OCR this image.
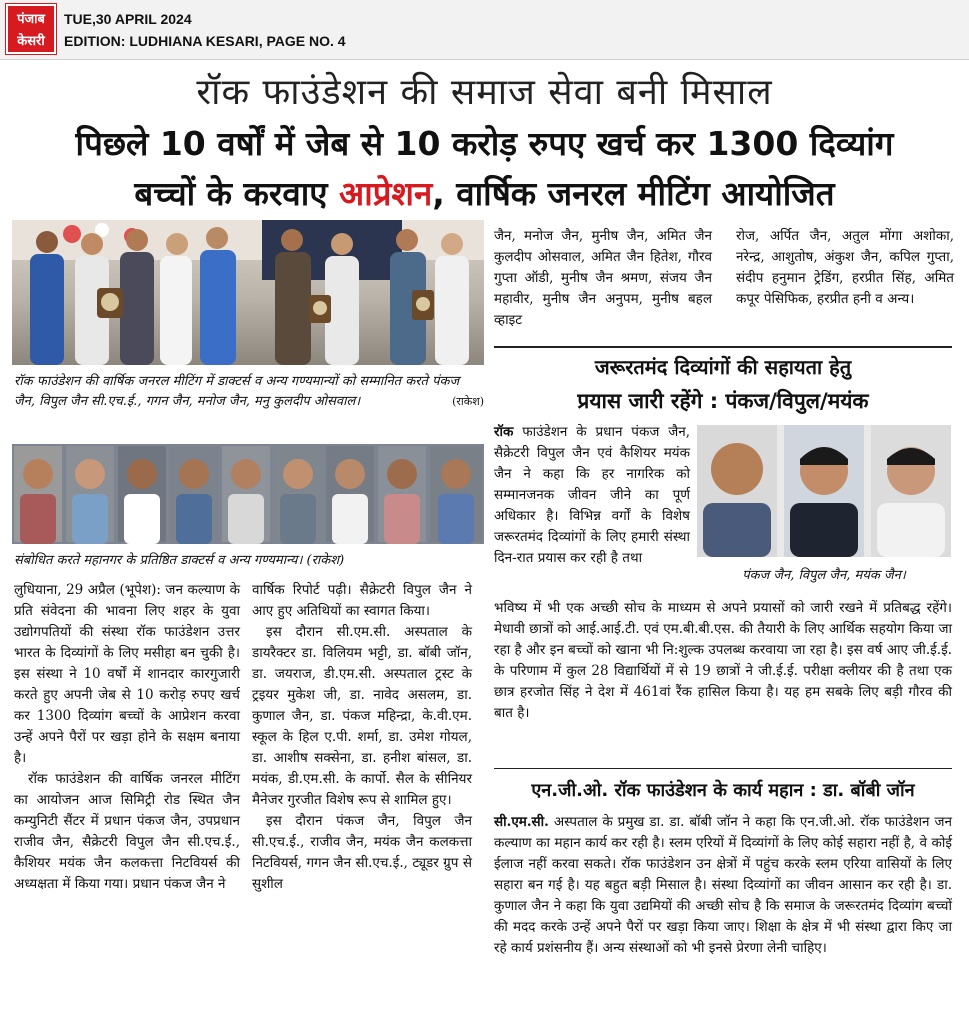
पंजाब
केसरी
TUE,30 APRIL 2024
EDITION: LUDHIANA KESARI, PAGE NO. 4
रॉक फाउंडेशन की समाज सेवा बनी मिसाल
पिछले 10 वर्षों में जेब से 10 करोड़ रुपए खर्च कर 1300 दिव्यांग
बच्चों के करवाए आप्रेशन, वार्षिक जनरल मीटिंग आयोजित
रॉक फाउंडेशन की वार्षिक जनरल मीटिंग में डाक्टर्स व अन्य गण्यमान्यों को सम्मानित करते पंकज जैन, विपुल जैन सी.एच.ई., गगन जैन, मनोज जैन, मनु कुलदीप ओसवाल।	(राकेश)
संबोधित करते महानगर के प्रतिष्ठित डाक्टर्स व अन्य गण्यमान्य। (राकेश)

लुधियाना, 29 अप्रैल (भूपेश): जन कल्याण के प्रति संवेदना की भावना लिए शहर के युवा उद्योगपतियों की संस्था रॉक फाउंडेशन उत्तर भारत के दिव्यांगों के लिए मसीहा बन चुकी है। इस संस्था ने 10 वर्षों में शानदार कारगुजारी करते हुए अपनी जेब से 10 करोड़ रुपए खर्च कर 1300 दिव्यांग बच्चों के आप्रेशन करवा उन्हें अपने पैरों पर खड़ा होने के सक्षम बनाया है।

रॉक फाउंडेशन की वार्षिक जनरल मीटिंग का आयोजन आज सिमिट्री रोड स्थित जैन कम्युनिटी सैंटर में प्रधान पंकज जैन, उपप्रधान राजीव जैन, सैक्रेटरी विपुल जैन सी.एच.ई., कैशियर मयंक जैन कलकत्ता निटवियर्स की अध्यक्षता में किया गया। प्रधान पंकज जैन ने

वार्षिक रिपोर्ट पढ़ी। सैक्रेटरी विपुल जैन ने आए हुए अतिथियों का स्वागत किया।

इस दौरान सी.एम.सी. अस्पताल के डायरैक्टर डा. विलियम भट्टी, डा. बॉबी जॉन, डा. जयराज, डी.एम.सी. अस्पताल ट्रस्ट के ट्रइयर मुकेश जी, डा. नावेद असलम, डा. कुणाल जैन, डा. पंकज महिन्द्रा, के.वी.एम. स्कूल के हिल ए.पी. शर्मा, डा. उमेश गोयल, डा. आशीष सक्सेना, डा. हनीश बांसल, डा. मयंक, डी.एम.सी. के कार्पो. सैल के सीनियर मैनेजर गुरजीत विशेष रूप से शामिल हुए।

इस दौरान पंकज जैन, विपुल जैन सी.एच.ई., राजीव जैन, मयंक जैन कलकत्ता निटवियर्स, गगन जैन सी.एच.ई., ट्यूडर ग्रुप से सुशील

जैन, मनोज जैन, मुनीष जैन, अमित जैन कुलदीप ओसवाल, अमित जैन हितेश, गौरव गुप्ता ऑडी, मुनीष जैन श्रमण, संजय जैन महावीर, मुनीष जैन अनुपम, मुनीष बहल व्हाइट
रोज, अर्पित जैन, अतुल मोंगा अशोका, नरेन्द्र, आशुतोष, अंकुश जैन, कपिल गुप्ता, संदीप हनुमान ट्रेडिंग, हरप्रीत सिंह, अमित कपूर पेसिफिक, हरप्रीत हनी व अन्य।
जरूरतमंद दिव्यांगों की सहायता हेतु
प्रयास जारी रहेंगे : पंकज/विपुल/मयंक
रॉक फाउंडेशन के प्रधान पंकज जैन, सैक्रेटरी विपुल जैन एवं कैशियर मयंक जैन ने कहा कि हर नागरिक को सम्मानजनक जीवन जीने का पूर्ण अधिकार है। विभिन्न वर्गों के विशेष जरूरतमंद दिव्यांगों के लिए हमारी संस्था दिन-रात प्रयास कर रही है तथा
पंकज जैन, विपुल जैन, मयंक जैन।
भविष्य में भी एक अच्छी सोच के माध्यम से अपने प्रयासों को जारी रखने में प्रतिबद्ध रहेंगे। मेधावी छात्रों को आई.आई.टी. एवं एम.बी.बी.एस. की तैयारी के लिए आर्थिक सहयोग किया जा रहा है और इन बच्चों को खाना भी नि:शुल्क उपलब्ध करवाया जा रहा है। इस वर्ष आए जी.ई.ई. के परिणाम में कुल 28 विद्यार्थियों में से 19 छात्रों ने जी.ई.ई. परीक्षा क्लीयर की है तथा एक छात्र हरजोत सिंह ने देश में 461वां रैंक हासिल किया है। यह हम सबके लिए बड़ी गौरव की बात है।
एन.जी.ओ. रॉक फाउंडेशन के कार्य महान : डा. बॉबी जॉन
सी.एम.सी. अस्पताल के प्रमुख डा. डा. बॉबी जॉन ने कहा कि एन.जी.ओ. रॉक फाउंडेशन जन कल्याण का महान कार्य कर रही है। स्लम एरियों में दिव्यांगों के लिए कोई सहारा नहीं है, वे कोई ईलाज नहीं करवा सकते। रॉक फाउंडेशन उन क्षेत्रों में पहुंच करके स्लम एरिया वासियों के लिए सहारा बन गई है। यह बहुत बड़ी मिसाल है। संस्था दिव्यांगों का जीवन आसान कर रही है। डा. कुणाल जैन ने कहा कि युवा उद्यमियों की अच्छी सोच है कि समाज के जरूरतमंद दिव्यांग बच्चों की मदद करके उन्हें अपने पैरों पर खड़ा किया जाए। शिक्षा के क्षेत्र में भी संस्था द्वारा किए जा रहे कार्य प्रशंसनीय हैं। अन्य संस्थाओं को भी इनसे प्रेरणा लेनी चाहिए।
